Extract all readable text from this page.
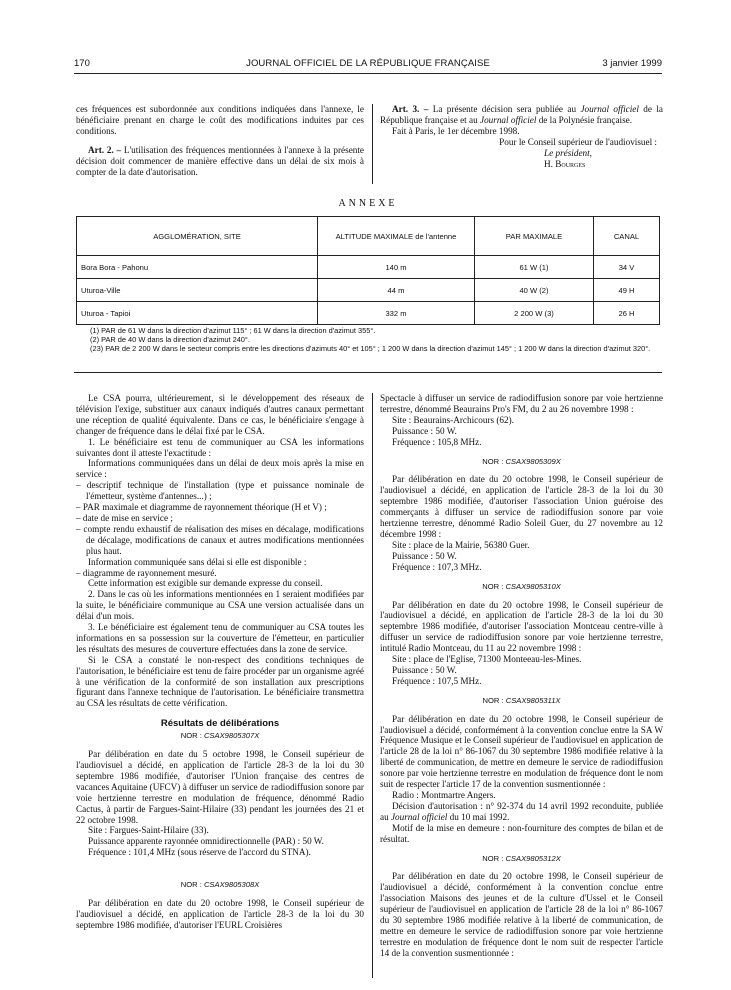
170	JOURNAL OFFICIEL DE LA RÉPUBLIQUE FRANÇAISE	3 janvier 1999

ces fréquences est subordonnée aux conditions indiquées dans l'annexe, le bénéficiaire prenant en charge le coût des modifications induites par ces conditions.

Art. 2. – L'utilisation des fréquences mentionnées à l'annexe à la présente décision doit commencer de manière effective dans un délai de six mois à compter de la date d'autorisation.

Art. 3. – La présente décision sera publiée au Journal officiel de la République française et au Journal officiel de la Polynésie française.

Fait à Paris, le 1er décembre 1998.

Pour le Conseil supérieur de l'audiovisuel :

Le président,

H. Bourges

ANNEXE
AGGLOMÉRATION, SITE	ALTITUDE MAXIMALE de l'antenne	PAR MAXIMALE	CANAL
Bora Bora - Pahonu	140 m	61 W (1)	34 V
Uturoa-Ville	44 m	40 W (2)	49 H
Uturoa - Tapioi	332 m	2 200 W (3)	26 H

(1) PAR de 61 W dans la direction d'azimut 115° ; 61 W dans la direction d'azimut 355°.

(2) PAR de 40 W dans la direction d'azimut 240°.

(23) PAR de 2 200 W dans le secteur compris entre les directions d'azimuts 40° et 105° ; 1 200 W dans la direction d'azimut 145° ; 1 200 W dans la direction d'azimut 320°.

Le CSA pourra, ultérieurement, si le développement des réseaux de télévision l'exige, substituer aux canaux indiqués d'autres canaux permettant une réception de qualité équivalente. Dans ce cas, le bénéficiaire s'engage à changer de fréquence dans le délai fixé par le CSA.

1. Le bénéficiaire est tenu de communiquer au CSA les informations suivantes dont il atteste l'exactitude :

Informations communiquées dans un délai de deux mois après la mise en service :

– descriptif technique de l'installation (type et puissance nominale de l'émetteur, système d'antennes...) ;

– PAR maximale et diagramme de rayonnement théorique (H et V) ;

– date de mise en service ;

– compte rendu exhaustif de réalisation des mises en décalage, modifications de décalage, modifications de canaux et autres modifications mentionnées plus haut.

Information communiquée sans délai si elle est disponible :

– diagramme de rayonnement mesuré.

Cette information est exigible sur demande expresse du conseil.

2. Dans le cas où les informations mentionnées en 1 seraient modifiées par la suite, le bénéficiaire communique au CSA une version actualisée dans un délai d'un mois.

3. Le bénéficiaire est également tenu de communiquer au CSA toutes les informations en sa possession sur la couverture de l'émetteur, en particulier les résultats des mesures de couverture effectuées dans la zone de service.

Si le CSA a constaté le non-respect des conditions techniques de l'autorisation, le bénéficiaire est tenu de faire procéder par un organisme agréé à une vérification de la conformité de son installation aux prescriptions figurant dans l'annexe technique de l'autorisation. Le bénéficiaire transmettra au CSA les résultats de cette vérification.

Résultats de délibérations

NOR : CSAX9805307X

Par délibération en date du 5 octobre 1998, le Conseil supérieur de l'audiovisuel a décidé, en application de l'article 28-3 de la loi du 30 septembre 1986 modifiée, d'autoriser l'Union française des centres de vacances Aquitaine (UFCV) à diffuser un service de radiodiffusion sonore par voie hertzienne terrestre en modulation de fréquence, dénommé Radio Cactus, à partir de Fargues-Saint-Hilaire (33) pendant les journées des 21 et 22 octobre 1998.

Site : Fargues-Saint-Hilaire (33).

Puissance apparente rayonnée omnidirectionnelle (PAR) : 50 W.

Fréquence : 101,4 MHz (sous réserve de l'accord du STNA).

NOR : CSAX9805308X

Par délibération en date du 20 octobre 1998, le Conseil supérieur de l'audiovisuel a décidé, en application de l'article 28-3 de la loi du 30 septembre 1986 modifiée, d'autoriser l'EURL Croisières

Spectacle à diffuser un service de radiodiffusion sonore par voie hertzienne terrestre, dénommé Beaurains Pro's FM, du 2 au 26 novembre 1998 :

Site : Beaurains-Archicours (62).

Puissance : 50 W.

Fréquence : 105,8 MHz.

NOR : CSAX9805309X

Par délibération en date du 20 octobre 1998, le Conseil supérieur de l'audiovisuel a décidé, en application de l'article 28-3 de la loi du 30 septembre 1986 modifiée, d'autoriser l'association Union guéroise des commerçants à diffuser un service de radiodiffusion sonore par voie hertzienne terrestre, dénommé Radio Soleil Guer, du 27 novembre au 12 décembre 1998 :

Site : place de la Mairie, 56380 Guer.

Puissance : 50 W.

Fréquence : 107,3 MHz.

NOR : CSAX9805310X

Par délibération en date du 20 octobre 1998, le Conseil supérieur de l'audiovisuel a décidé, en application de l'article 28-3 de la loi du 30 septembre 1986 modifiée, d'autoriser l'association Montceau centre-ville à diffuser un service de radiodiffusion sonore par voie hertzienne terrestre, intitulé Radio Montceau, du 11 au 22 novembre 1998 :

Site : place de l'Eglise, 71300 Monteeau-les-Mines.

Puissance : 50 W.

Fréquence : 107,5 MHz.

NOR : CSAX9805311X

Par délibération en date du 20 octobre 1998, le Conseil supérieur de l'audiovisuel a décidé, conformément à la convention conclue entre la SA W Fréquence Musique et le Conseil supérieur de l'audiovisuel en application de l'article 28 de la loi n° 86-1067 du 30 septembre 1986 modifiée relative à la liberté de communication, de mettre en demeure le service de radiodiffusion sonore par voie hertzienne terrestre en modulation de fréquence dont le nom suit de respecter l'article 17 de la convention susmentionnée :

Radio : Montmartre Angers.

Décision d'autorisation : n° 92-374 du 14 avril 1992 reconduite, publiée au Journal officiel du 10 mai 1992.

Motif de la mise en demeure : non-fourniture des comptes de bilan et de résultat.

NOR : CSAX9805312X

Par délibération en date du 20 octobre 1998, le Conseil supérieur de l'audiovisuel a décidé, conformément à la convention conclue entre l'association Maisons des jeunes et de la culture d'Ussel et le Conseil supérieur de l'audiovisuel en application de l'article 28 de la loi n° 86-1067 du 30 septembre 1986 modifiée relative à la liberté de communication, de mettre en demeure le service de radiodiffusion sonore par voie hertzienne terrestre en modulation de fréquence dont le nom suit de respecter l'article 14 de la convention susmentionnée :
